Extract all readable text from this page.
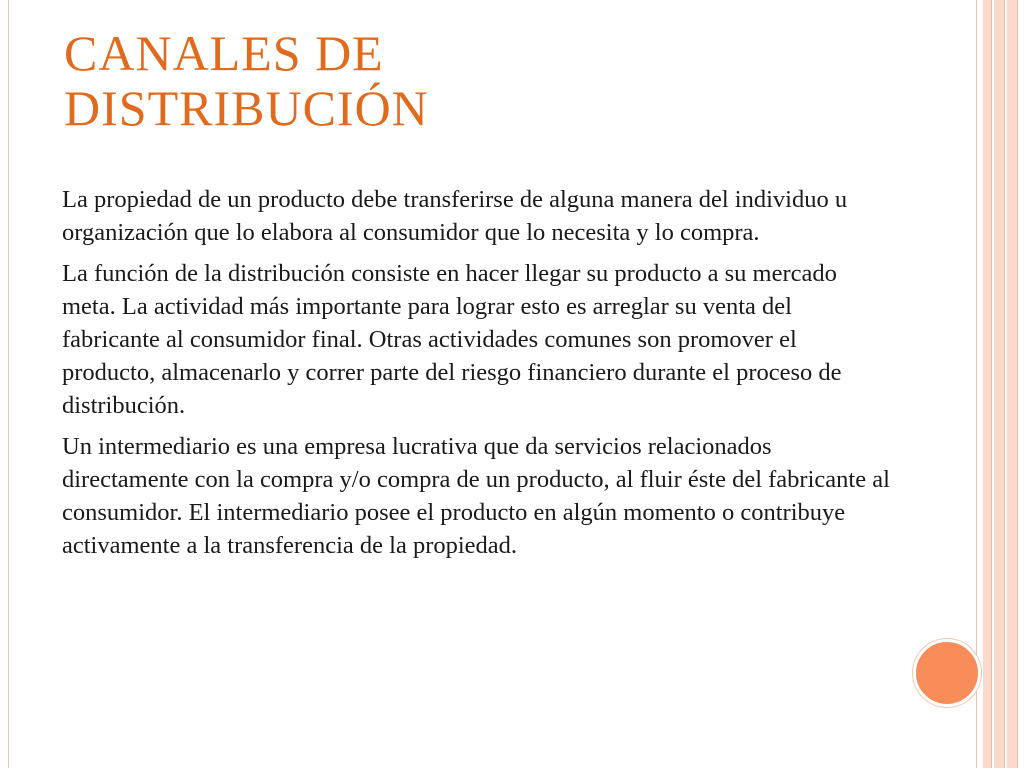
CANALES DE
DISTRIBUCIÓN

La propiedad de un producto debe transferirse de alguna manera del individuo u organización que lo elabora al consumidor que lo necesita y lo compra.

La función de la distribución consiste en hacer llegar su producto a su mercado meta. La actividad más importante para lograr esto es arreglar su venta del fabricante al consumidor final. Otras actividades comunes son promover el producto, almacenarlo y correr parte del riesgo financiero durante el proceso de distribución.

Un intermediario es una empresa lucrativa que da servicios relacionados directamente con la compra y/o compra de un producto, al fluir éste del fabricante al consumidor. El intermediario posee el producto en algún momento o contribuye activamente a la transferencia de la propiedad.
